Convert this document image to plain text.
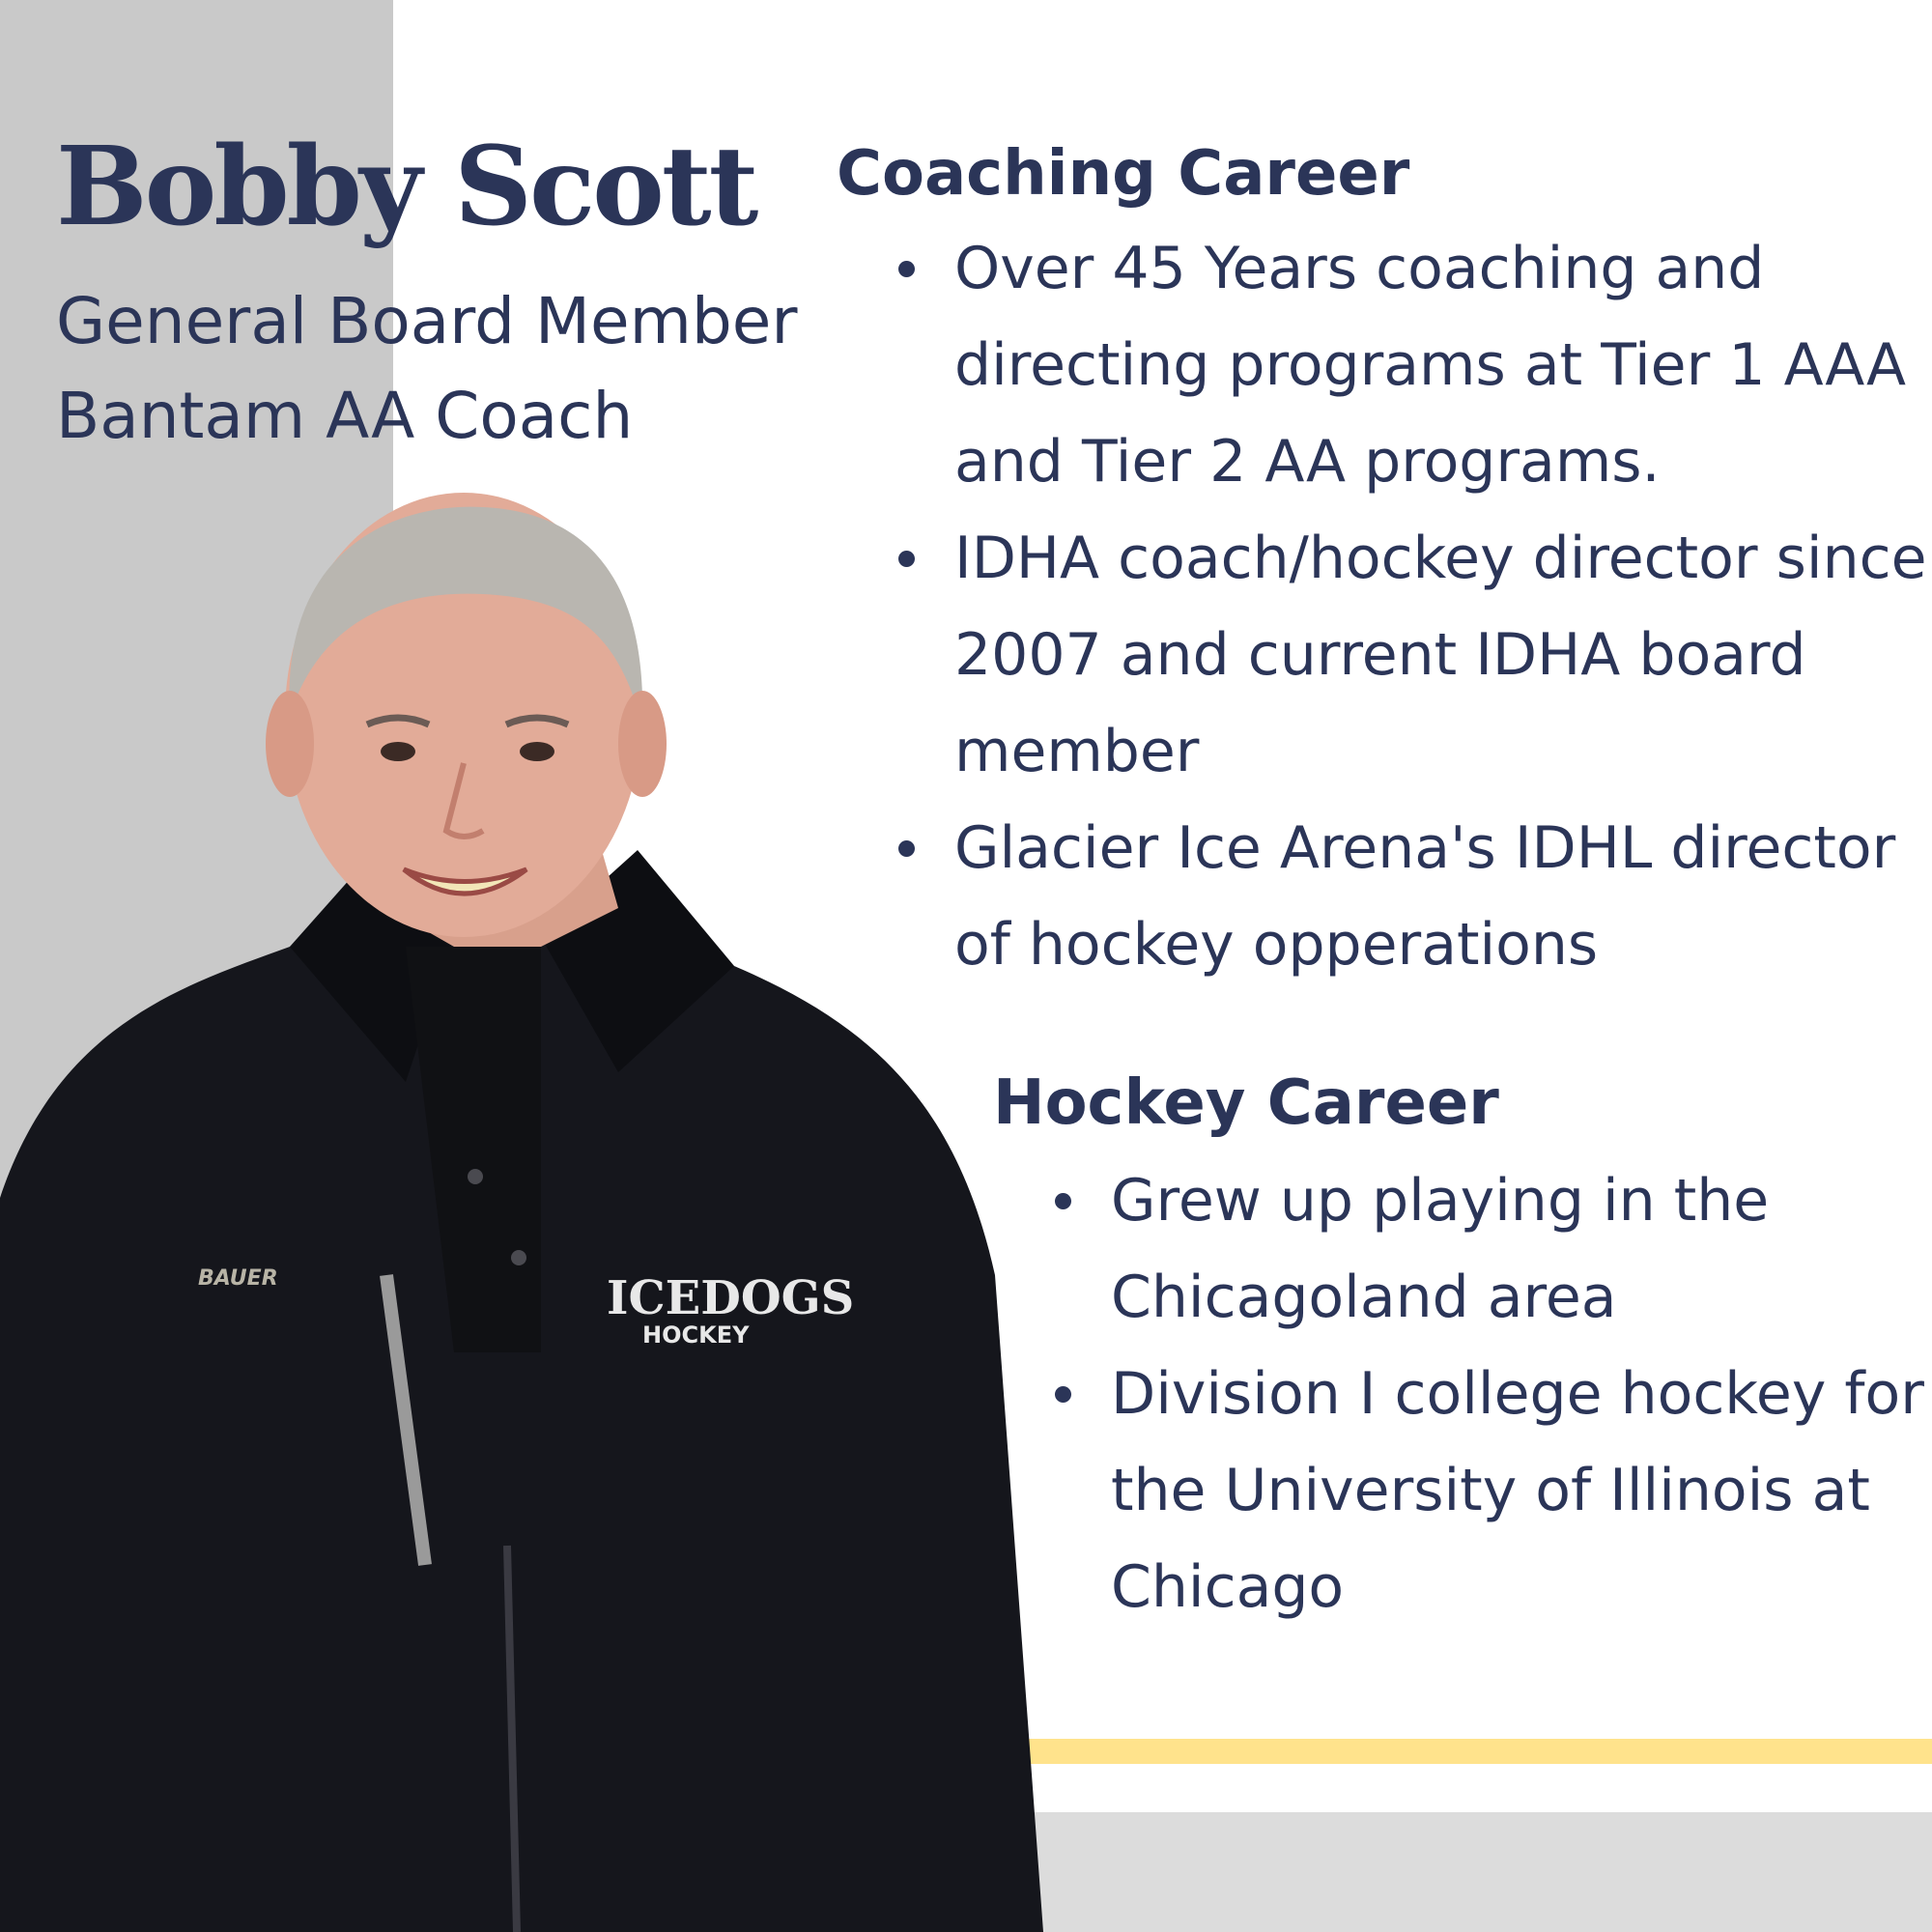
Bobby Scott
General Board Member
Bantam AA Coach
BAUER	ICEDOGS
HOCKEY
Coaching Career
Over 45 Years coaching and directing programs at Tier 1 AAA and Tier 2 AA programs.
IDHA coach/hockey director since 2007 and current IDHA board member
Glacier Ice Arena's IDHL director of hockey opperations
Hockey Career
Grew up playing in the Chicagoland area
Division I college hockey for the University of Illinois at Chicago
